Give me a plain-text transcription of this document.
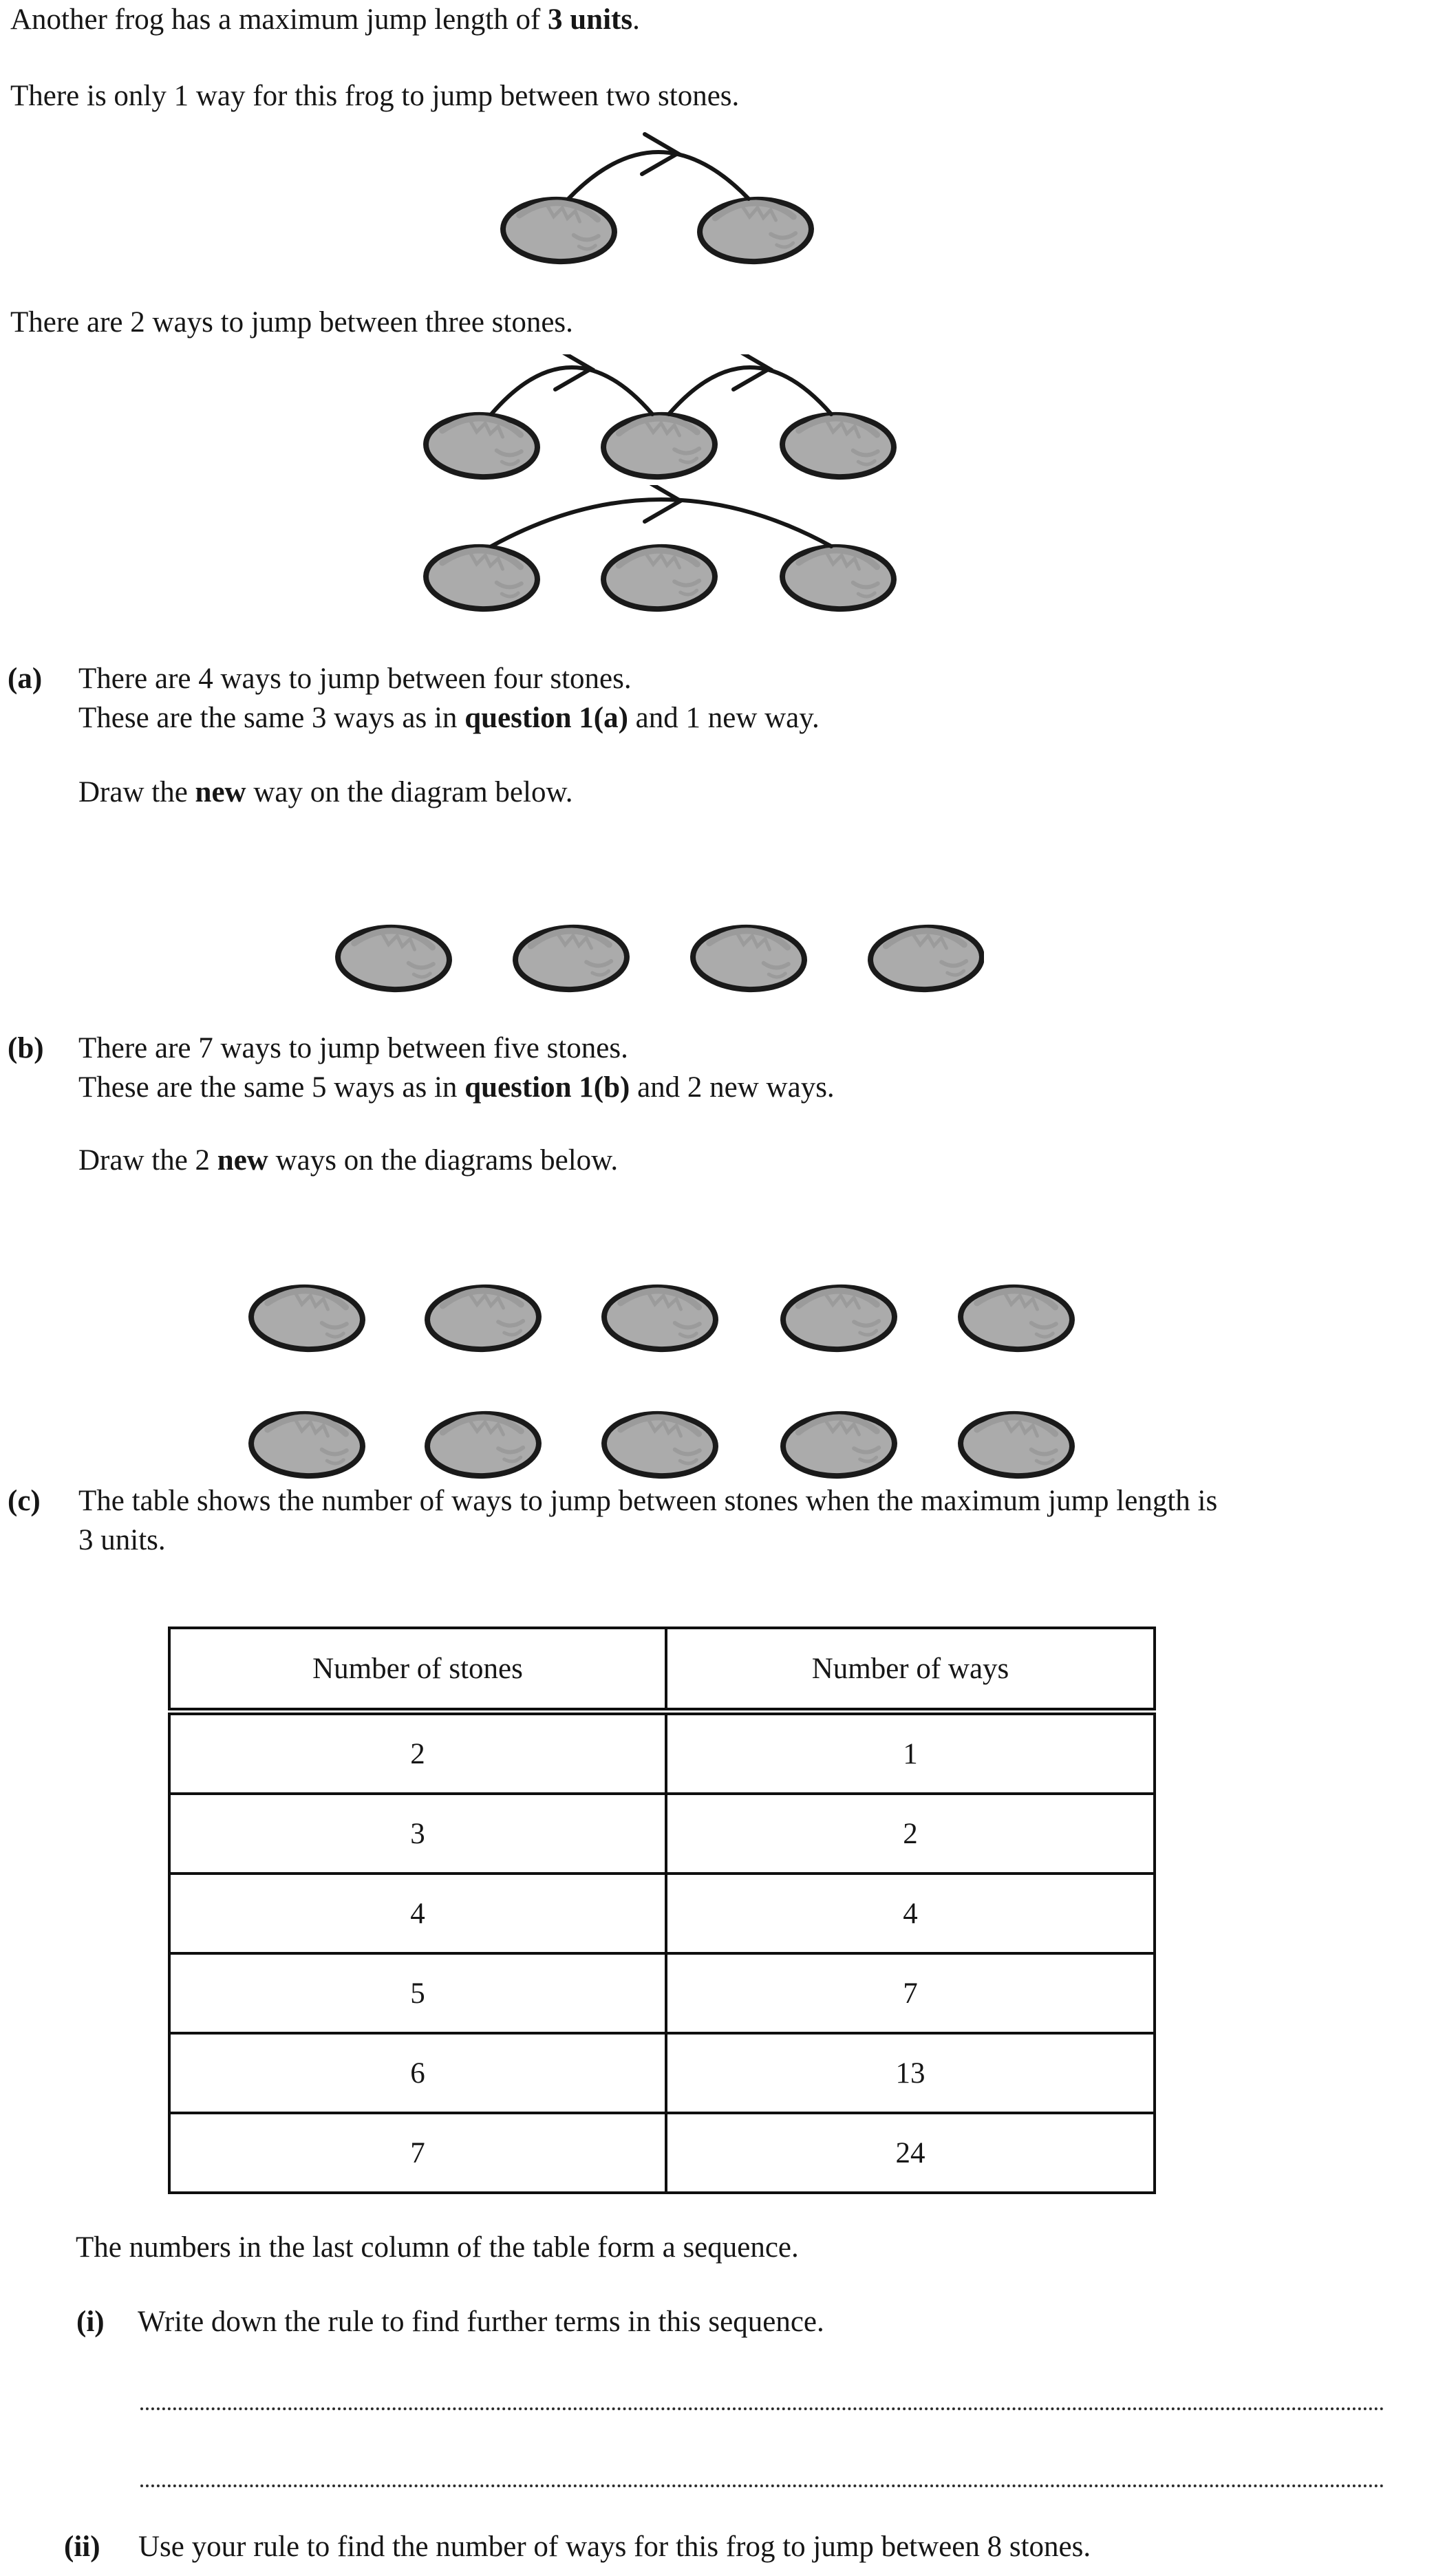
Another frog has a maximum jump length of 3 units.
There is only 1 way for this frog to jump between two stones.
There are 2 ways to jump between three stones.
(a) There are 4 ways to jump between four stones.
These are the same 3 ways as in question 1(a) and 1 new way.
Draw the new way on the diagram below.
(b) There are 7 ways to jump between five stones.
These are the same 5 ways as in question 1(b) and 2 new ways.
Draw the 2 new ways on the diagrams below.
(c) The table shows the number of ways to jump between stones when the maximum jump length is
3 units.
Number of stones	Number of ways
2	1
3	2
4	4
5	7
6	13
7	24
The numbers in the last column of the table form a sequence.
(i) Write down the rule to find further terms in this sequence.
(ii) Use your rule to find the number of ways for this frog to jump between 8 stones.
